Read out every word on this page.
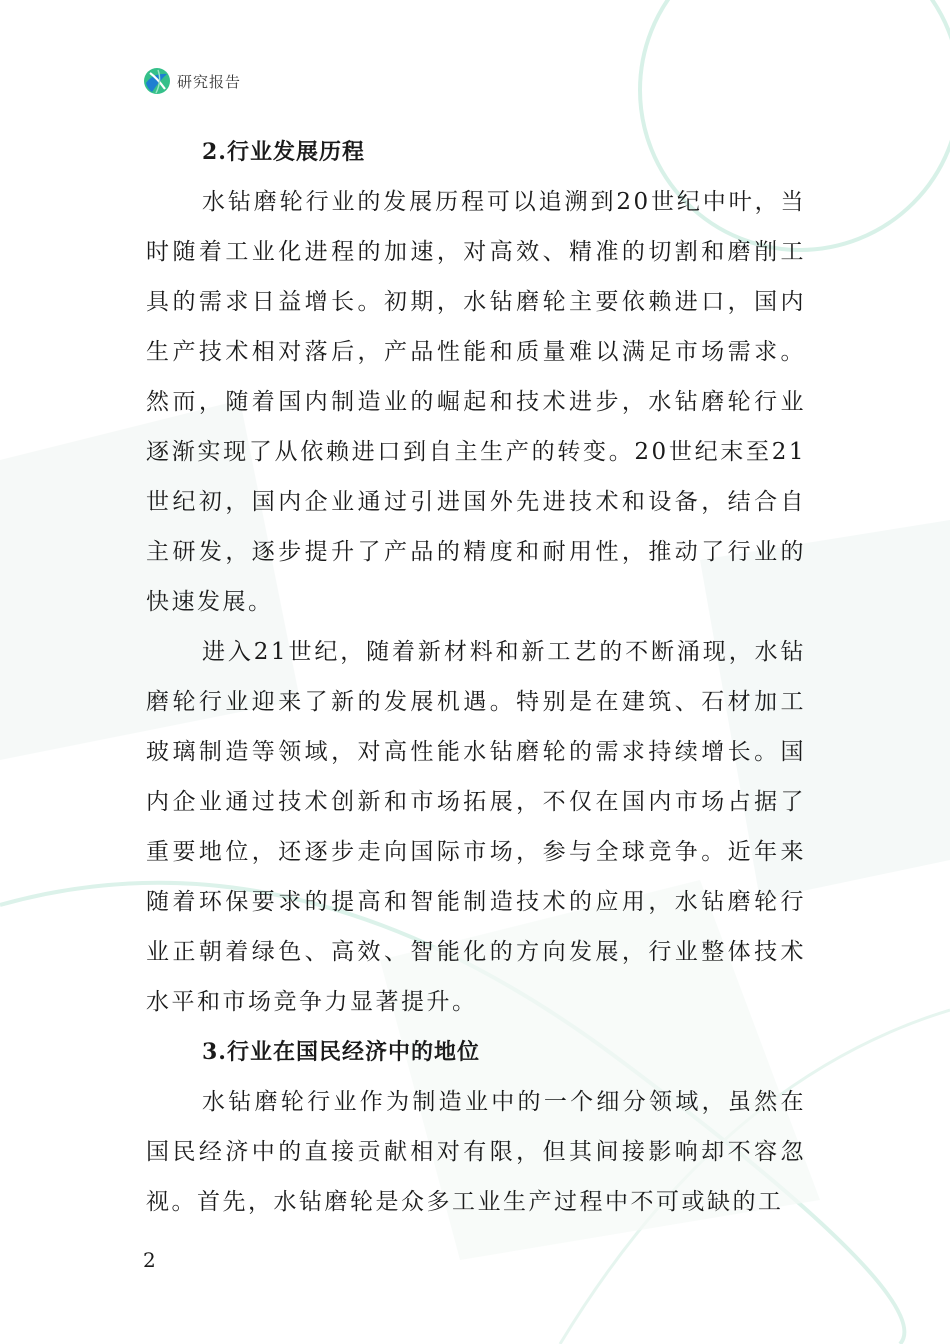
研究报告
2.行业发展历程

水钻磨轮行业的发展历程可以追溯到20世纪中叶，当时随着工业化进程的加速，对高效、精准的切割和磨削工具的需求日益增长。初期，水钻磨轮主要依赖进口，国内生产技术相对落后，产品性能和质量难以满足市场需求。然而，随着国内制造业的崛起和技术进步，水钻磨轮行业逐渐实现了从依赖进口到自主生产的转变。20世纪末至21世纪初，国内企业通过引进国外先进技术和设备，结合自主研发，逐步提升了产品的精度和耐用性，推动了行业的快速发展。

进入21世纪，随着新材料和新工艺的不断涌现，水钻磨轮行业迎来了新的发展机遇。特别是在建筑、石材加工玻璃制造等领域，对高性能水钻磨轮的需求持续增长。国内企业通过技术创新和市场拓展，不仅在国内市场占据了重要地位，还逐步走向国际市场，参与全球竞争。近年来随着环保要求的提高和智能制造技术的应用，水钻磨轮行业正朝着绿色、高效、智能化的方向发展，行业整体技术水平和市场竞争力显著提升。

3.行业在国民经济中的地位

水钻磨轮行业作为制造业中的一个细分领域，虽然在国民经济中的直接贡献相对有限，但其间接影响却不容忽视。首先，水钻磨轮是众多工业生产过程中不可或缺的工

2
